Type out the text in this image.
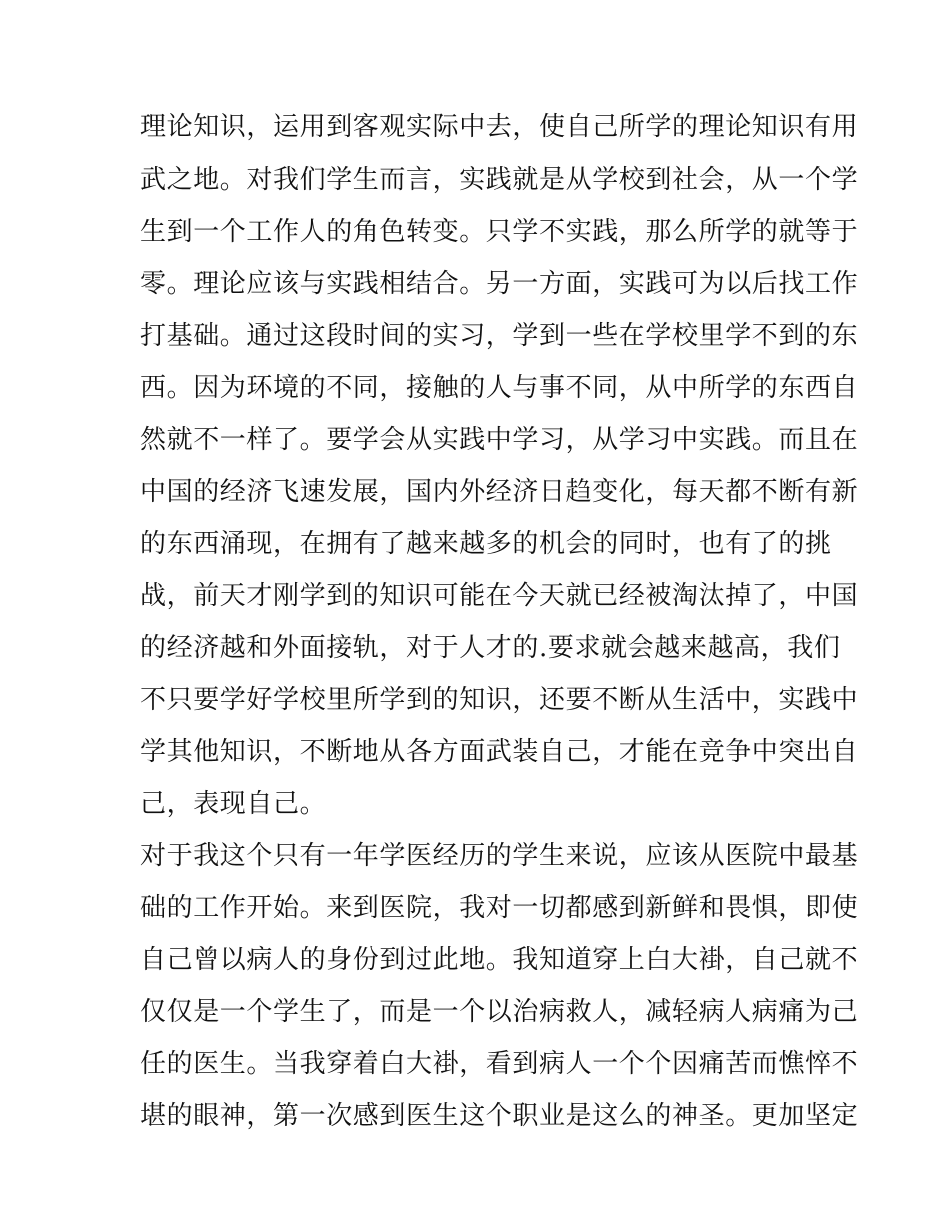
理论知识，运用到客观实际中去，使自己所学的理论知识有用
武之地。对我们学生而言，实践就是从学校到社会，从一个学
生到一个工作人的角色转变。只学不实践，那么所学的就等于
零。理论应该与实践相结合。另一方面，实践可为以后找工作
打基础。通过这段时间的实习，学到一些在学校里学不到的东
西。因为环境的不同，接触的人与事不同，从中所学的东西自
然就不一样了。要学会从实践中学习，从学习中实践。而且在
中国的经济飞速发展，国内外经济日趋变化，每天都不断有新
的东西涌现，在拥有了越来越多的机会的同时，也有了的挑
战，前天才刚学到的知识可能在今天就已经被淘汰掉了，中国
的经济越和外面接轨，对于人才的.要求就会越来越高，我们
不只要学好学校里所学到的知识，还要不断从生活中，实践中
学其他知识，不断地从各方面武装自己，才能在竞争中突出自
己，表现自己。
对于我这个只有一年学医经历的学生来说，应该从医院中最基
础的工作开始。来到医院，我对一切都感到新鲜和畏惧，即使
自己曾以病人的身份到过此地。我知道穿上白大褂，自己就不
仅仅是一个学生了，而是一个以治病救人，减轻病人病痛为己
任的医生。当我穿着白大褂，看到病人一个个因痛苦而憔悴不
堪的眼神，第一次感到医生这个职业是这么的神圣。更加坚定
